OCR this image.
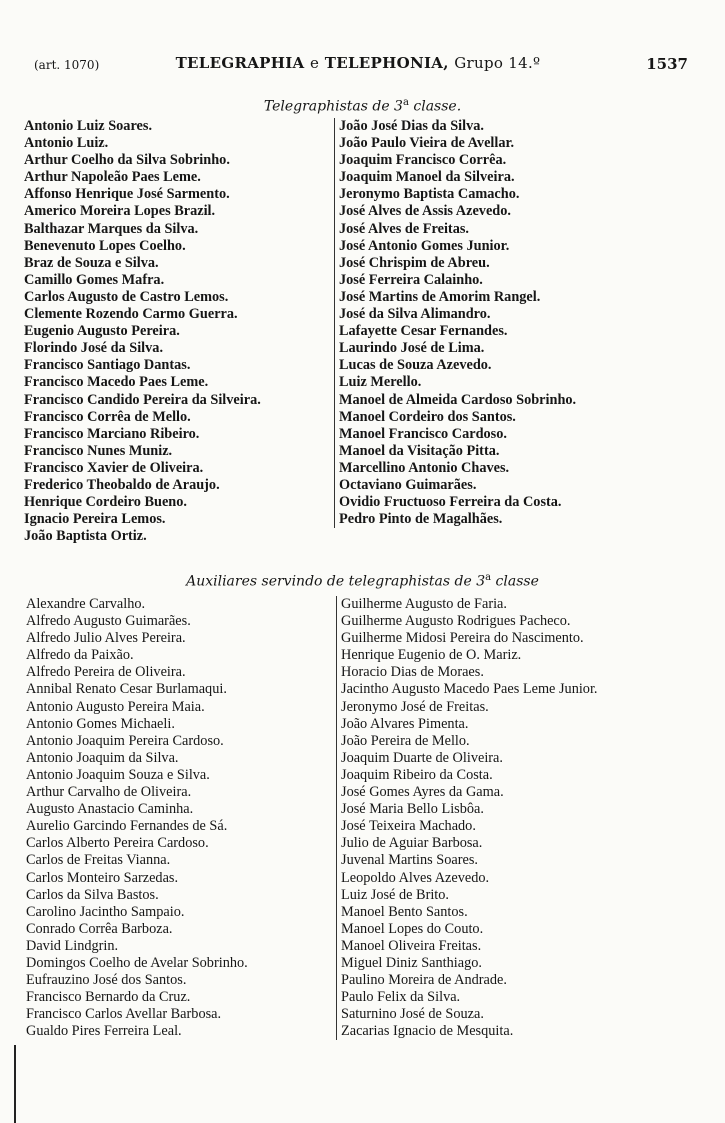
(art. 1070)	TELEGRAPHIA e TELEPHONIA, Grupo 14.º	1537
Telegraphistas de 3$^a$ classe.
Antonio Luiz Soares.
Antonio Luiz.
Arthur Coelho da Silva Sobrinho.
Arthur Napoleão Paes Leme.
Affonso Henrique José Sarmento.
Americo Moreira Lopes Brazil.
Balthazar Marques da Silva.
Benevenuto Lopes Coelho.
Braz de Souza e Silva.
Camillo Gomes Mafra.
Carlos Augusto de Castro Lemos.
Clemente Rozendo Carmo Guerra.
Eugenio Augusto Pereira.
Florindo José da Silva.
Francisco Santiago Dantas.
Francisco Macedo Paes Leme.
Francisco Candido Pereira da Silveira.
Francisco Corrêa de Mello.
Francisco Marciano Ribeiro.
Francisco Nunes Muniz.
Francisco Xavier de Oliveira.
Frederico Theobaldo de Araujo.
Henrique Cordeiro Bueno.
Ignacio Pereira Lemos.
João Baptista Ortiz.
João José Dias da Silva.
João Paulo Vieira de Avellar.
Joaquim Francisco Corrêa.
Joaquim Manoel da Silveira.
Jeronymo Baptista Camacho.
José Alves de Assis Azevedo.
José Alves de Freitas.
José Antonio Gomes Junior.
José Chrispim de Abreu.
José Ferreira Calainho.
José Martins de Amorim Rangel.
José da Silva Alimandro.
Lafayette Cesar Fernandes.
Laurindo José de Lima.
Lucas de Souza Azevedo.
Luiz Merello.
Manoel de Almeida Cardoso Sobrinho.
Manoel Cordeiro dos Santos.
Manoel Francisco Cardoso.
Manoel da Visitação Pitta.
Marcellino Antonio Chaves.
Octaviano Guimarães.
Ovidio Fructuoso Ferreira da Costa.
Pedro Pinto de Magalhães.
Auxiliares servindo de telegraphistas de 3$^a$ classe
Alexandre Carvalho.
Alfredo Augusto Guimarães.
Alfredo Julio Alves Pereira.
Alfredo da Paixão.
Alfredo Pereira de Oliveira.
Annibal Renato Cesar Burlamaqui.
Antonio Augusto Pereira Maia.
Antonio Gomes Michaeli.
Antonio Joaquim Pereira Cardoso.
Antonio Joaquim da Silva.
Antonio Joaquim Souza e Silva.
Arthur Carvalho de Oliveira.
Augusto Anastacio Caminha.
Aurelio Garcindo Fernandes de Sá.
Carlos Alberto Pereira Cardoso.
Carlos de Freitas Vianna.
Carlos Monteiro Sarzedas.
Carlos da Silva Bastos.
Carolino Jacintho Sampaio.
Conrado Corrêa Barboza.
David Lindgrin.
Domingos Coelho de Avelar Sobrinho.
Eufrauzino José dos Santos.
Francisco Bernardo da Cruz.
Francisco Carlos Avellar Barbosa.
Gualdo Pires Ferreira Leal.
Guilherme Augusto de Faria.
Guilherme Augusto Rodrigues Pacheco.
Guilherme Midosi Pereira do Nascimento.
Henrique Eugenio de O. Mariz.
Horacio Dias de Moraes.
Jacintho Augusto Macedo Paes Leme Junior.
Jeronymo José de Freitas.
João Alvares Pimenta.
João Pereira de Mello.
Joaquim Duarte de Oliveira.
Joaquim Ribeiro da Costa.
José Gomes Ayres da Gama.
José Maria Bello Lisbôa.
José Teixeira Machado.
Julio de Aguiar Barbosa.
Juvenal Martins Soares.
Leopoldo Alves Azevedo.
Luiz José de Brito.
Manoel Bento Santos.
Manoel Lopes do Couto.
Manoel Oliveira Freitas.
Miguel Diniz Santhiago.
Paulino Moreira de Andrade.
Paulo Felix da Silva.
Saturnino José de Souza.
Zacarias Ignacio de Mesquita.
